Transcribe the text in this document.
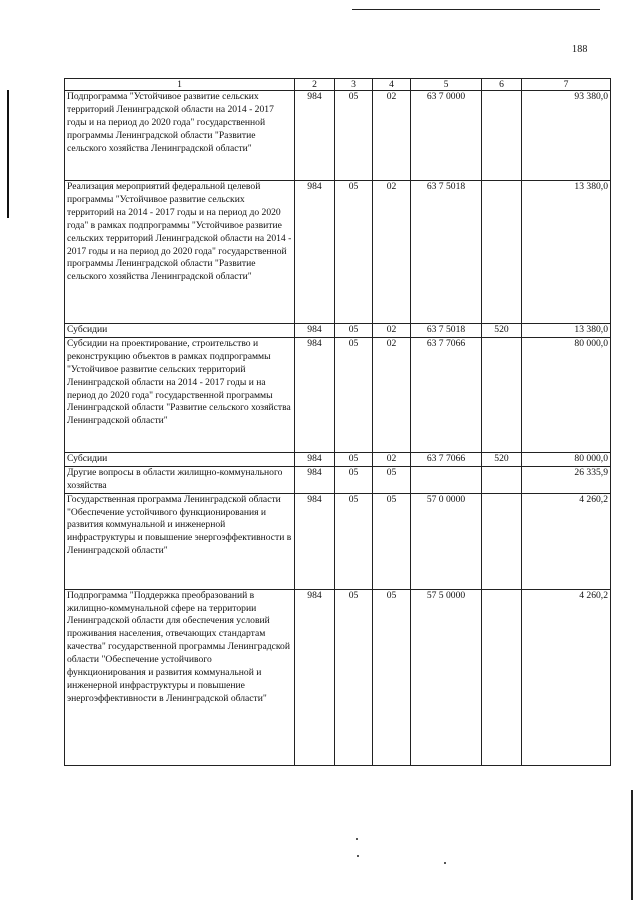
188
1	2	3	4	5	6	7
Подпрограмма "Устойчивое развитие сельских территорий Ленинградской области на 2014 - 2017 годы и на период до 2020 года" государственной программы Ленинградской области "Развитие сельского хозяйства Ленинградской области"	984	05	02	63 7 0000		93 380,0
Реализация мероприятий федеральной целевой программы "Устойчивое развитие сельских территорий на 2014 - 2017 годы и на период до 2020 года" в рамках подпрограммы "Устойчивое развитие сельских территорий Ленинградской области на 2014 - 2017 годы и на период до 2020 года" государственной программы Ленинградской области "Развитие сельского хозяйства Ленинградской области"	984	05	02	63 7 5018		13 380,0
Субсидии	984	05	02	63 7 5018	520	13 380,0
Субсидии на проектирование, строительство и реконструкцию объектов в рамках подпрограммы "Устойчивое развитие сельских территорий Ленинградской области на 2014 - 2017 годы и на период до 2020 года" государственной программы Ленинградской области "Развитие сельского хозяйства Ленинградской области"	984	05	02	63 7 7066		80 000,0
Субсидии	984	05	02	63 7 7066	520	80 000,0
Другие вопросы в области жилищно-коммунального хозяйства	984	05	05			26 335,9
Государственная программа Ленинградской области "Обеспечение устойчивого функционирования и развития коммунальной и инженерной инфраструктуры и повышение энергоэффективности в Ленинградской области"	984	05	05	57 0 0000		4 260,2
Подпрограмма "Поддержка преобразований в жилищно-коммунальной сфере на территории Ленинградской области для обеспечения условий проживания населения, отвечающих стандартам качества" государственной программы Ленинградской области "Обеспечение устойчивого функционирования и развития коммунальной и инженерной инфраструктуры и повышение энергоэффективности в Ленинградской области"	984	05	05	57 5 0000		4 260,2
